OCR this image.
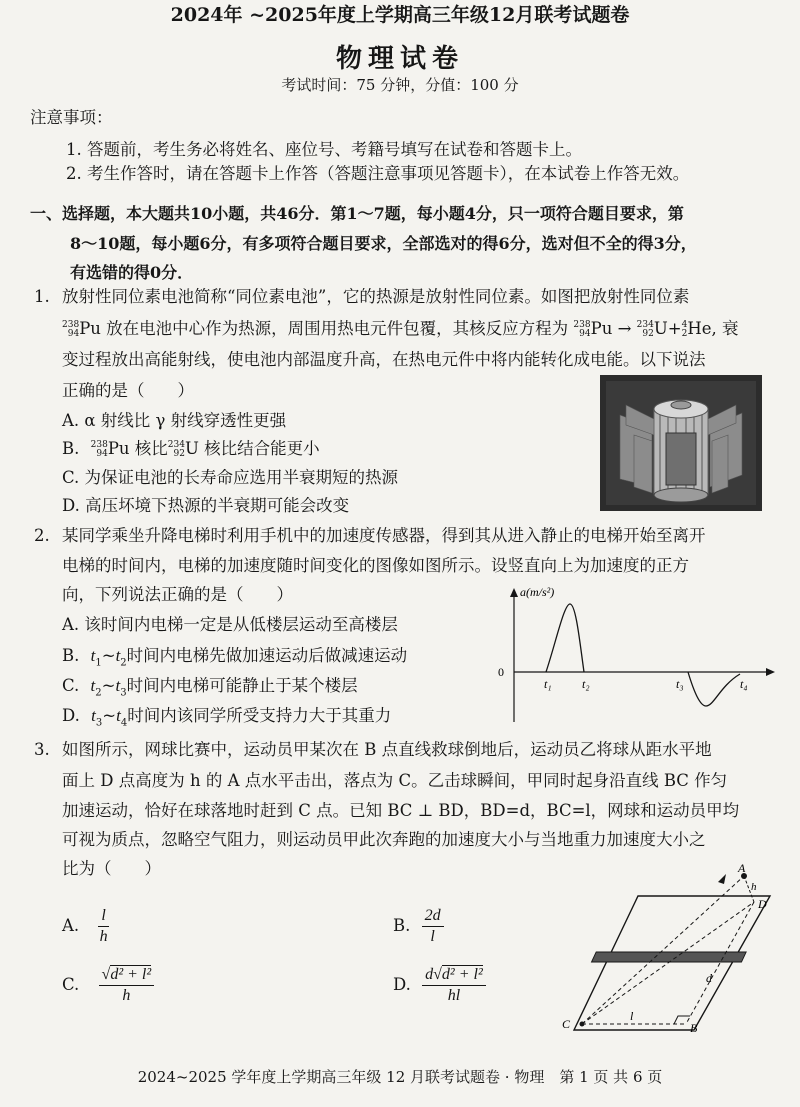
2024年 ~2025年度上学期高三年级12月联考试题卷
物理试卷
考试时间：75 分钟，分值：100 分
注意事项：
1. 答题前，考生务必将姓名、座位号、考籍号填写在试卷和答题卡上。
2. 考生作答时，请在答题卡上作答（答题注意事项见答题卡），在本试卷上作答无效。
一、选择题，本大题共10小题，共46分．第1～7题，每小题4分，只一项符合题目要求，第
8～10题，每小题6分，有多项符合题目要求，全部选对的得6分，选对但不全的得3分，
有选错的得0分．
1. 放射性同位素电池简称“同位素电池”，它的热源是放射性同位素。如图把放射性同位素
238
94 Pu 放在电池中心作为热源，周围用热电元件包覆，其核反应方程为 238
94 Pu → 234
92 U+ 4
2 He, 衰
变过程放出高能射线，使电池内部温度升高，在热电元件中将内能转化成电能。以下说法
正确的是（　　）
A. α 射线比 γ 射线穿透性更强
B. 238
94 Pu 核比 234
92 U 核比结合能更小
C. 为保证电池的长寿命应选用半衰期短的热源
D. 高压坏境下热源的半衰期可能会改变
2. 某同学乘坐升降电梯时利用手机中的加速度传感器，得到其从进入静止的电梯开始至离开
电梯的时间内，电梯的加速度随时间变化的图像如图所示。设竖直向上为加速度的正方
向，下列说法正确的是（　　）
A. 该时间内电梯一定是从低楼层运动至高楼层
B. $t_1\sim t_2$时间内电梯先做加速运动后做减速运动
C. $t_2\sim t_3$时间内电梯可能静止于某个楼层
D. $t_3\sim t_4$时间内该同学所受支持力大于其重力
a(m/s²)
0
t₁	t₂	t₃	t₄
3. 如图所示，网球比赛中，运动员甲某次在 B 点直线救球倒地后，运动员乙将球从距水平地
面上 D 点高度为 h 的 A 点水平击出，落点为 C。乙击球瞬间，甲同时起身沿直线 BC 作匀
加速运动，恰好在球落地时赶到 C 点。已知 BC ⊥ BD，BD=d，BC=l，网球和运动员甲均
可视为质点，忽略空气阻力，则运动员甲此次奔跑的加速度大小与当地重力加速度大小之
比为（　　）
A. $\frac{l}{h}$	B. $\frac{2d}{l}$
C. $\frac{\text{√d² + l²}}{h}$	D. $\frac{\text{d√d² + l²}}{hl}$
A
h
D
d
C
l
B
2024~2025 学年度上学期高三年级 12 月联考试题卷 · 物理　第 1 页 共 6 页
